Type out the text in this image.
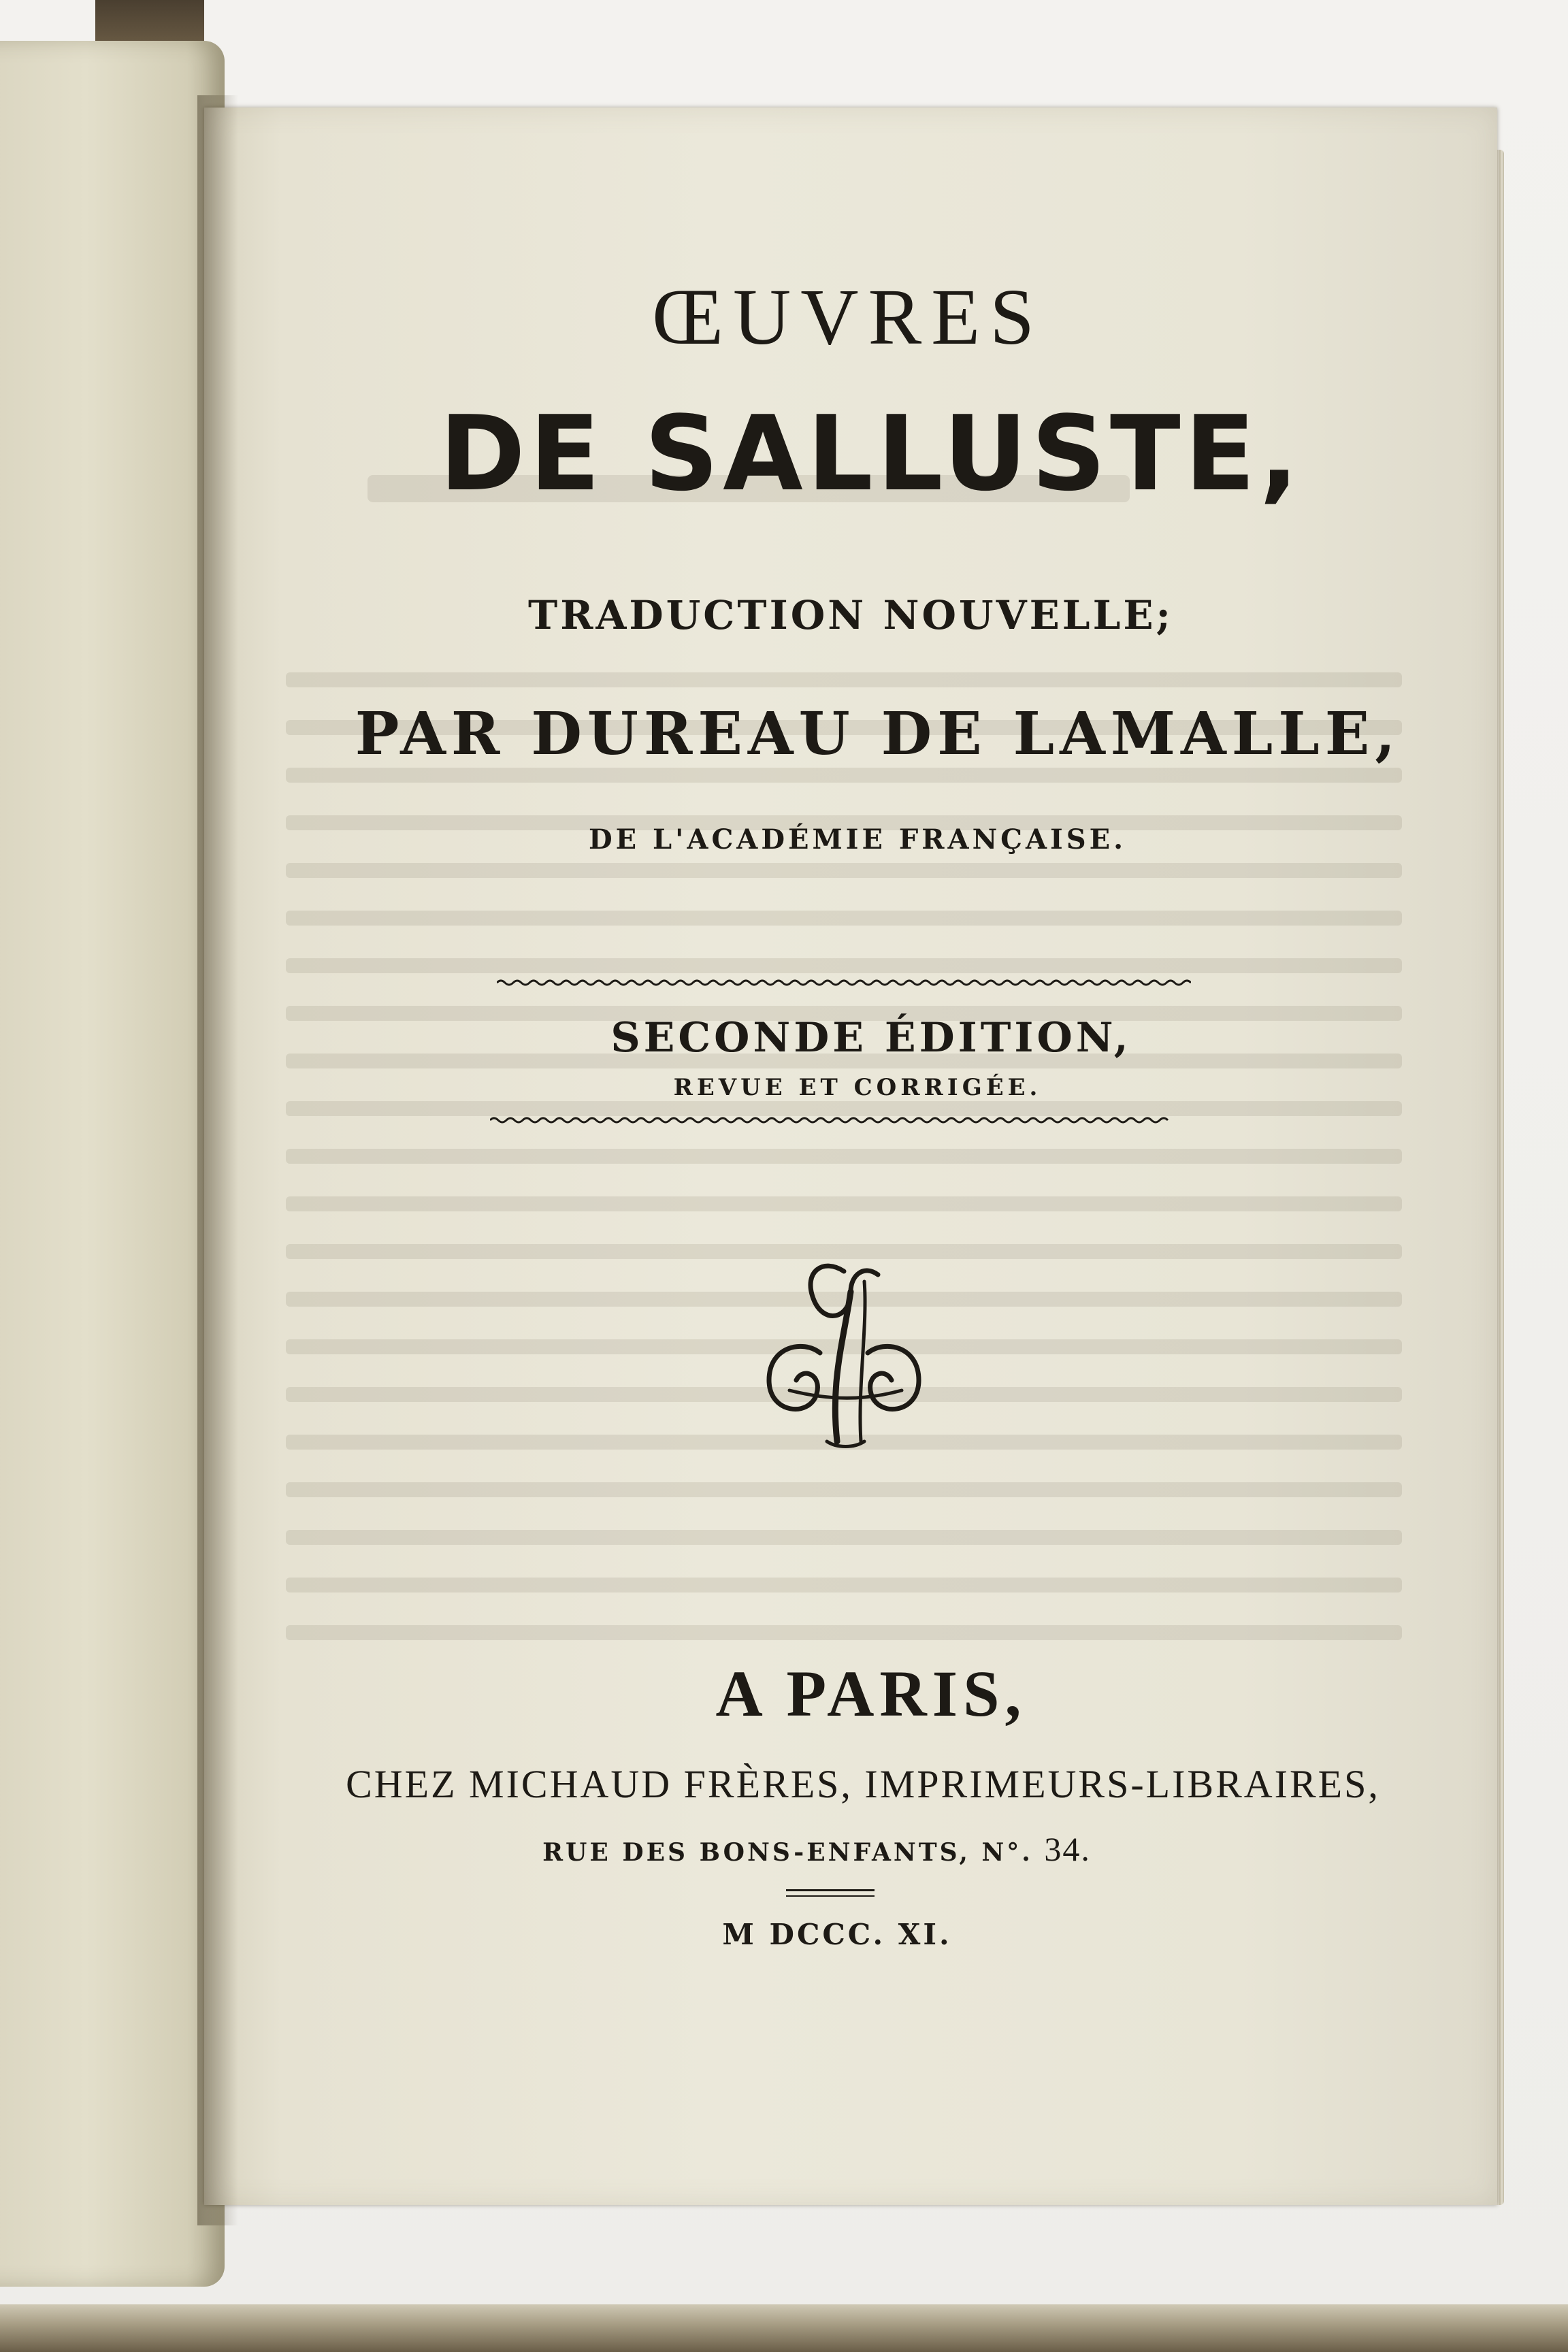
ŒUVRES
DE SALLUSTE,
TRADUCTION NOUVELLE;
PAR DUREAU DE LAMALLE,
DE L'ACADÉMIE FRANÇAISE.
SECONDE ÉDITION,
REVUE ET CORRIGÉE.
A PARIS,
CHEZ MICHAUD FRÈRES, IMPRIMEURS-LIBRAIRES,
RUE DES BONS-ENFANTS, N°. 34.
M DCCC. XI.
